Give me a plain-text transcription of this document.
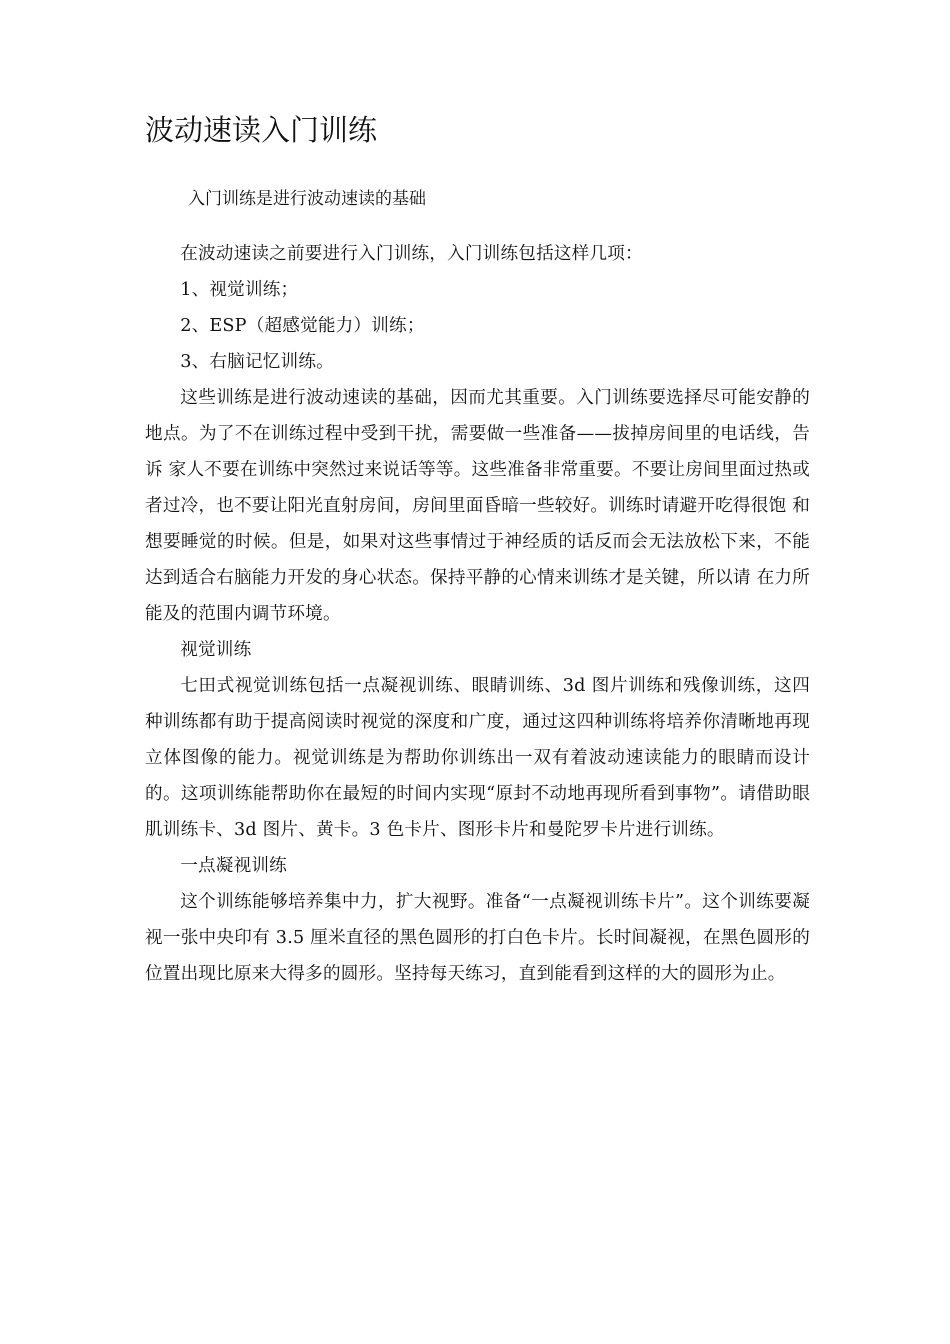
波动速读入门训练

入门训练是进行波动速读的基础

在波动速读之前要进行入门训练，入门训练包括这样几项：

1、视觉训练；

2、ESP（超感觉能力）训练；

3、右脑记忆训练。

这些训练是进行波动速读的基础，因而尤其重要。入门训练要选择尽可能安静的地点。为了不在训练过程中受到干扰，需要做一些准备——拔掉房间里的电话线，告诉 家人不要在训练中突然过来说话等等。这些准备非常重要。不要让房间里面过热或者过冷，也不要让阳光直射房间，房间里面昏暗一些较好。训练时请避开吃得很饱 和想要睡觉的时候。但是，如果对这些事情过于神经质的话反而会无法放松下来，不能达到适合右脑能力开发的身心状态。保持平静的心情来训练才是关键，所以请 在力所能及的范围内调节环境。

视觉训练

七田式视觉训练包括一点凝视训练、眼睛训练、3d 图片训练和残像训练，这四种训练都有助于提高阅读时视觉的深度和广度，通过这四种训练将培养你清晰地再现立体图像的能力。视觉训练是为帮助你训练出一双有着波动速读能力的眼睛而设计的。这项训练能帮助你在最短的时间内实现“原封不动地再现所看到事物”。请借助眼肌训练卡、3d 图片、黄卡。3 色卡片、图形卡片和曼陀罗卡片进行训练。

一点凝视训练

这个训练能够培养集中力，扩大视野。准备“一点凝视训练卡片”。这个训练要凝视一张中央印有 3.5 厘米直径的黑色圆形的打白色卡片。长时间凝视，在黑色圆形的位置出现比原来大得多的圆形。坚持每天练习，直到能看到这样的大的圆形为止。
